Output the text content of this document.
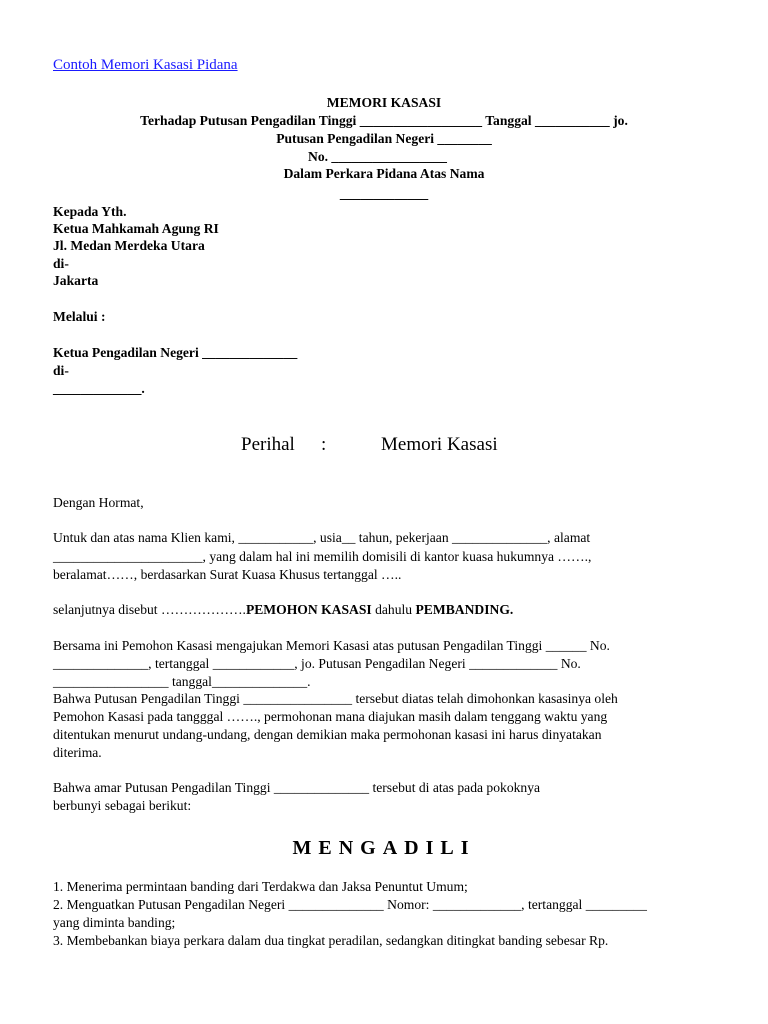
Contoh Memori Kasasi Pidana
MEMORI KASASI
Terhadap Putusan Pengadilan Tinggi __________________ Tanggal ___________ jo.
Putusan Pengadilan Negeri ________
No. _________________
Dalam Perkara Pidana Atas Nama
_____________
Kepada Yth.
Ketua Mahkamah Agung RI
Jl. Medan Merdeka Utara
di-
Jakarta
Melalui :
Ketua Pengadilan Negeri ______________
di-
_____________.
Perihal :	Memori Kasasi
Dengan Hormat,
Untuk dan atas nama Klien kami, ___________, usia__ tahun, pekerjaan ______________, alamat
______________________, yang dalam hal ini memilih domisili di kantor kuasa hukumnya …….,
beralamat……, berdasarkan Surat Kuasa Khusus tertanggal …..
selanjutnya disebut ……………….PEMOHON KASASI dahulu PEMBANDING.
Bersama ini Pemohon Kasasi mengajukan Memori Kasasi atas putusan Pengadilan Tinggi ______ No.
______________, tertanggal ____________, jo. Putusan Pengadilan Negeri _____________ No.
_________________ tanggal______________.
Bahwa Putusan Pengadilan Tinggi ________________ tersebut diatas telah dimohonkan kasasinya oleh
Pemohon Kasasi pada tangggal ……., permohonan mana diajukan masih dalam tenggang waktu yang
ditentukan menurut undang-undang, dengan demikian maka permohonan kasasi ini harus dinyatakan
diterima.
Bahwa amar Putusan Pengadilan Tinggi ______________ tersebut di atas pada pokoknya
berbunyi sebagai berikut:
MENGADILI
1. Menerima permintaan banding dari Terdakwa dan Jaksa Penuntut Umum;
2. Menguatkan Putusan Pengadilan Negeri ______________ Nomor: _____________, tertanggal _________
yang diminta banding;
3. Membebankan biaya perkara dalam dua tingkat peradilan, sedangkan ditingkat banding sebesar Rp.
